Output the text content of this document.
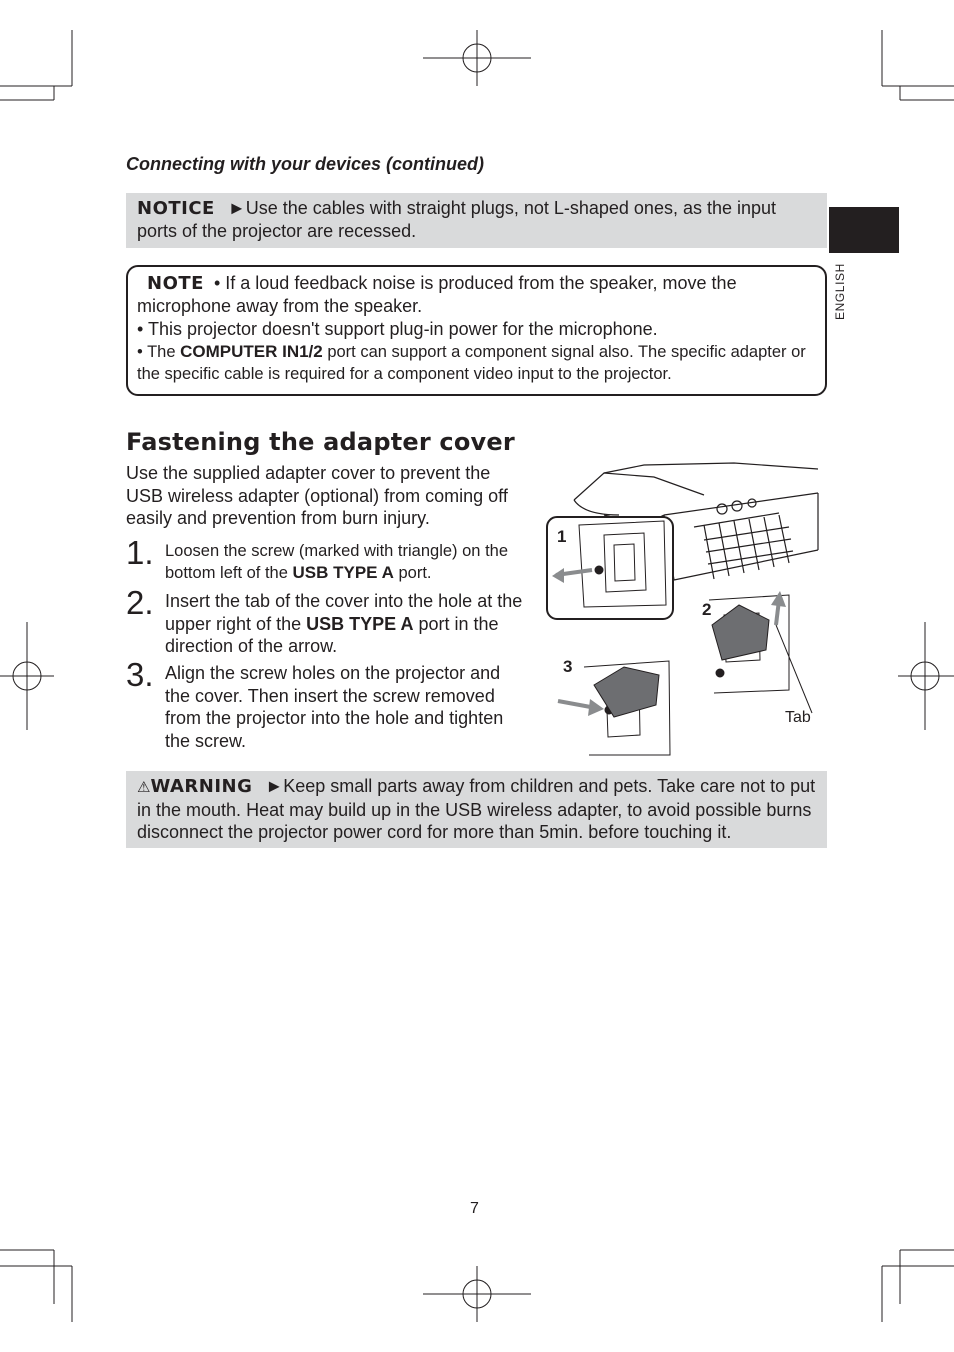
Connecting with your devices (continued)
ENGLISH
NOTICE ►Use the cables with straight plugs, not L-shaped ones, as the input ports of the projector are recessed.
NOTE • If a loud feedback noise is produced from the speaker, move the microphone away from the speaker.
• This projector doesn't support plug-in power for the microphone.
• The COMPUTER IN1/2 port can support a component signal also. The specific adapter or the specific cable is required for a component video input to the projector.
Fastening the adapter cover
Use the supplied adapter cover to prevent the USB wireless adapter (optional) from coming off easily and prevention from burn injury.
1. Loosen the screw (marked with triangle) on the bottom left of the USB TYPE A port.
2. Insert the tab of the cover into the hole at the upper right of the USB TYPE A port in the direction of the arrow.
3. Align the screw holes on the projector and the cover. Then insert the screw removed from the projector into the hole and tighten the screw.
1
2
3
Tab
⚠WARNING ►Keep small parts away from children and pets. Take care not to put in the mouth. Heat may build up in the USB wireless adapter, to avoid possible burns disconnect the projector power cord for more than 5min. before touching it.
7
